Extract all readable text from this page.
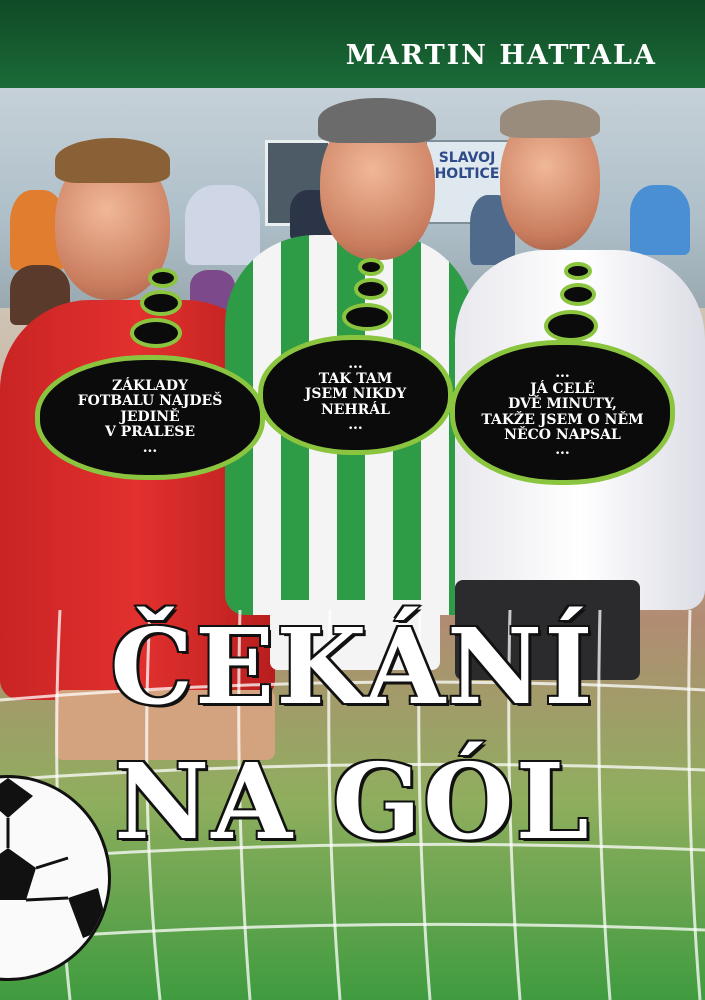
SLAVOJ HOLTICE
MARTIN HATTALA
ZÁKLADY
FOTBALU NAJDEŠ
JEDINĚ
V PRALESE
...
...
TAK TAM
JSEM NIKDY
NEHRÁL
...
...
JÁ CELÉ
DVĚ MINUTY,
TAKŽE JSEM O NĚM
NĚCO NAPSAL
...
ČEKÁNÍ
NA GÓL
